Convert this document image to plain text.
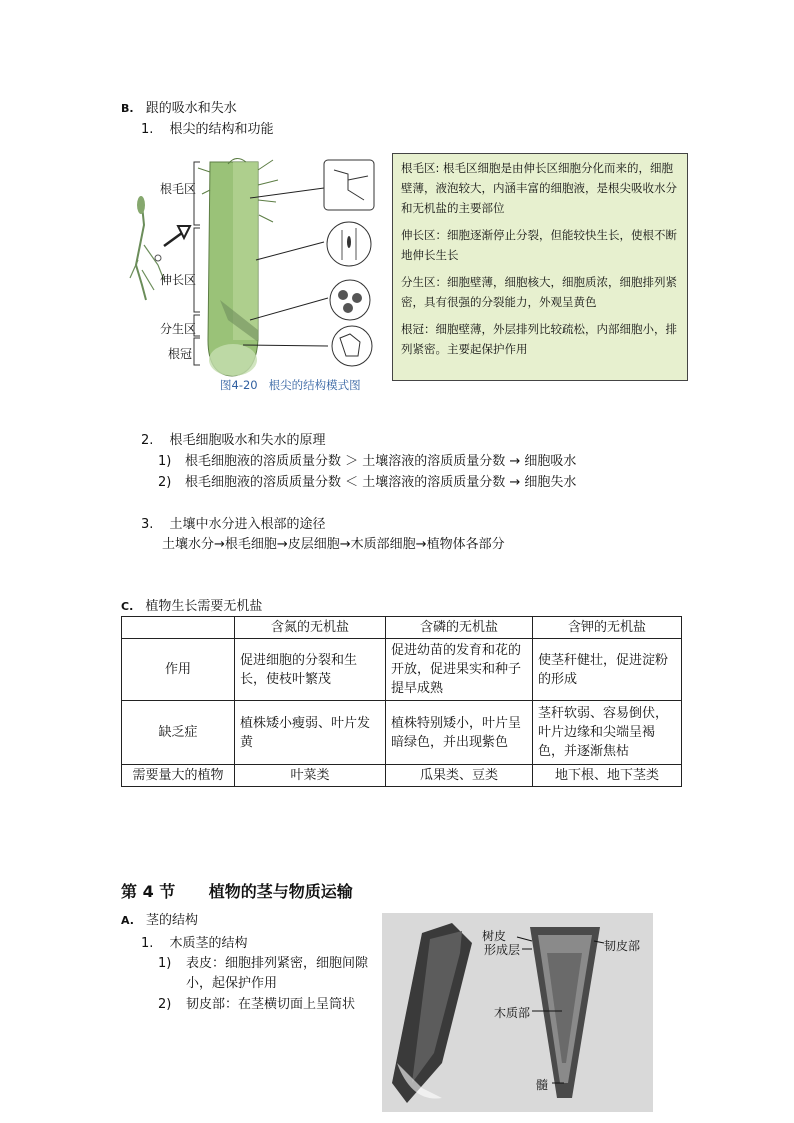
B. 跟的吸水和失水
1. 根尖的结构和功能
根毛区
伸长区
分生区
根冠
图4-20   根尖的结构模式图

根毛区: 根毛区细胞是由伸长区细胞分化而来的，细胞壁薄，液泡较大，内涵丰富的细胞液，是根尖吸收水分和无机盐的主要部位

伸长区：细胞逐渐停止分裂，但能较快生长，使根不断地伸长生长

分生区：细胞壁薄，细胞核大，细胞质浓，细胞排列紧密，具有很强的分裂能力，外观呈黄色

根冠：细胞壁薄，外层排列比较疏松，内部细胞小，排列紧密。主要起保护作用

2. 根毛细胞吸水和失水的原理
1) 根毛细胞液的溶质质量分数 ＞ 土壤溶液的溶质质量分数 → 细胞吸水
2) 根毛细胞液的溶质质量分数 ＜ 土壤溶液的溶质质量分数 → 细胞失水
3. 土壤中水分进入根部的途径
土壤水分→根毛细胞→皮层细胞→木质部细胞→植物体各部分
C. 植物生长需要无机盐
	含氮的无机盐	含磷的无机盐	含钾的无机盐
作用	促进细胞的分裂和生长，使枝叶繁茂	促进幼苗的发育和花的开放，促进果实和种子提早成熟	使茎秆健壮，促进淀粉的形成
缺乏症	植株矮小瘦弱、叶片发黄	植株特别矮小，叶片呈暗绿色，并出现紫色	茎秆软弱、容易倒伏，叶片边缘和尖端呈褐色，并逐渐焦枯
需要量大的植物	叶菜类	瓜果类、豆类	地下根、地下茎类
第 4 节      植物的茎与物质运输
A. 茎的结构
1. 木质茎的结构
1)	表皮：细胞排列紧密，细胞间隙小，起保护作用
2)	韧皮部：在茎横切面上呈筒状
树皮
形成层	韧皮部
木质部
髓
